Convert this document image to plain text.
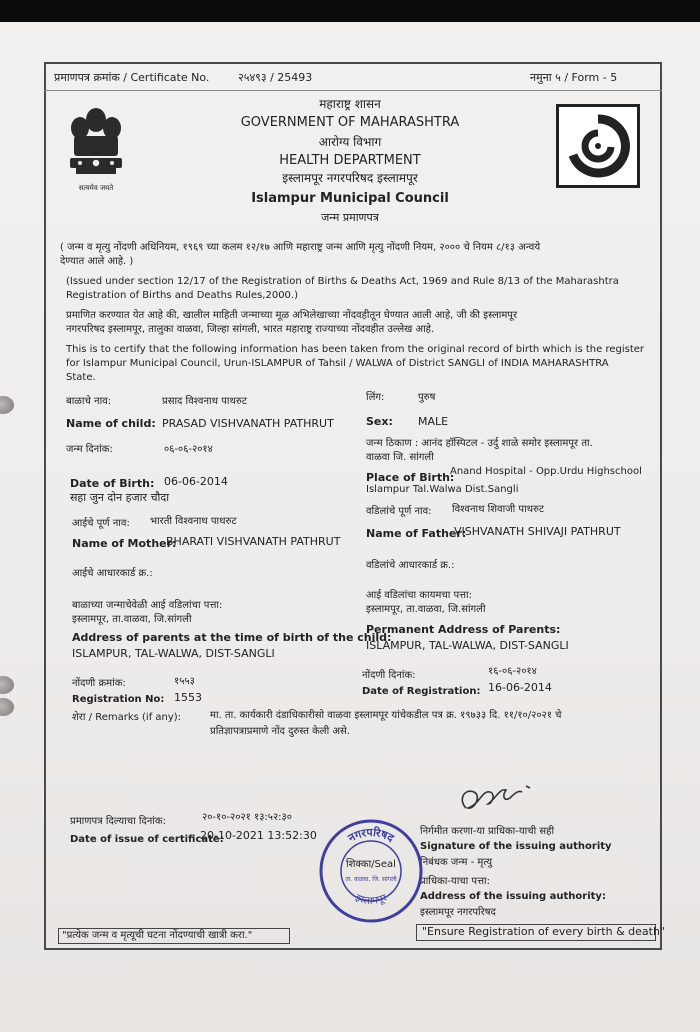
प्रमाणपत्र क्रमांक / Certificate No.	२५४९३ / 25493	नमुना ५ / Form - 5
सत्यमेव जयते
महाराष्ट्र शासन
GOVERNMENT OF MAHARASHTRA
आरोग्य विभाग
HEALTH DEPARTMENT
इस्लामपूर नगरपरिषद इस्लामपूर
Islampur Municipal Council
जन्म प्रमाणपत्र
( जन्म व मृत्यु नोंदणी अधिनियम, १९६९ च्या कलम १२/१७ आणि महाराष्ट्र जन्म आणि मृत्यु नोंदणी नियम, २००० चे नियम ८/१३ अन्वये
देण्यात आले आहे. )
(Issued under section 12/17 of the Registration of Births & Deaths Act, 1969 and Rule 8/13 of the Maharashtra
Registration of Births and Deaths Rules,2000.)
प्रमाणित करण्यात येत आहे की, खालील माहिती जन्माच्या मूळ अभिलेखाच्या नोंदवहीतून घेण्यात आली आहे, जी की इस्लामपूर
नगरपरिषद इस्लामपूर, तालुका वाळवा, जिल्हा सांगली, भारत महाराष्ट्र राज्याच्या नोंदवहीत उल्लेख आहे.
This is to certify that the following information has been taken from the original record of birth which is the register
for Islampur Municipal Council, Urun-ISLAMPUR of Tahsil / WALWA of District SANGLI of INDIA MAHARASHTRA
State.
बाळाचे नाव:	प्रसाद विश्वनाथ पाथरुट
Name of child: PRASAD VISHVANATH PATHRUT
लिंग:	पुरुष
Sex: MALE
जन्म दिनांक:	०६-०६-२०१४
जन्म ठिकाण : आनंद हॉस्पिटल - उर्दु शाळे समोर इस्लामपूर ता.
वाळवा जि. सांगली
Date of Birth: 06-06-2014
सहा जुन दोन हजार चौदा
Place of Birth:
Anand Hospital - Opp.Urdu Highschool
Islampur Tal.Walwa Dist.Sangli
आईचे पूर्ण नाव: भारती विश्वनाथ पाथरुट
Name of Mother:
BHARATI VISHVANATH PATHRUT
वडिलांचे पूर्ण नाव: विश्वनाथ शिवाजी पाथरुट
Name of Father:
VISHVANATH SHIVAJI PATHRUT
आईचे आधारकार्ड क्र.:
वडिलांचे आधारकार्ड क्र.:
बाळाच्या जन्माचेवेळी आई वडिलांचा पत्ता:
इस्लामपूर, ता.वाळवा, जि.सांगली
Address of parents at the time of birth of the child:
ISLAMPUR, TAL-WALWA, DIST-SANGLI
आई वडिलांचा कायमचा पत्ता:
इस्लामपूर, ता.वाळवा, जि.सांगली
Permanent Address of Parents:
ISLAMPUR, TAL-WALWA, DIST-SANGLI
नोंदणी क्रमांक:	१५५३
Registration No: 1553
नोंदणी दिनांक:	१६-०६-२०१४
Date of Registration: 16-06-2014
शेरा / Remarks (if any):	मा. ता. कार्यकारी दंडाधिकारीसो वाळवा इस्लामपूर यांचेकडील पत्र क्र. १९७३३ दि. ११/१०/२०२१ चे
प्रतिज्ञापत्राप्रमाणे नोंद दुरुस्त केली असे.
प्रमाणपत्र दिल्याचा दिनांक:	२०-१०-२०२१ १३:५२:३०
Date of issue of certificate:
20-10-2021 13:52:30	निर्गमीत करणा-या प्राधिका-याची सही
Signature of the issuing authority
निबंधक जन्म - मृत्यु
प्राधिका-याचा पत्ता:
Address of the issuing authority:
इस्लामपूर नगरपरिषद
नगरपरिषद
इस्लामपूर
शिक्का/Seal
ता. वाळवा, जि. सांगली
"प्रत्येक जन्म व मृत्यूची घटना नोंदण्याची खात्री करा."	"Ensure Registration of every birth & death"
